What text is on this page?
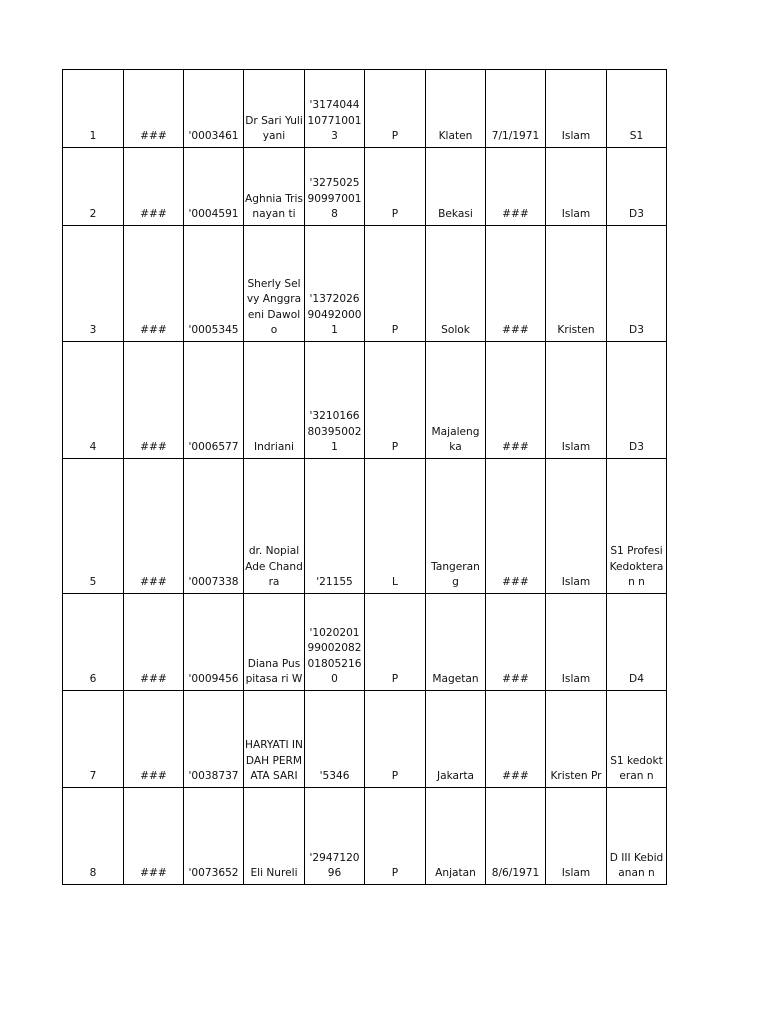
1	###	'0003461	Dr Sari Yuliyani	'3174044 10771001 3	P	Klaten	7/1/1971	Islam	S1

2	###	'0004591	Aghnia Trisnayan ti	'3275025 90997001 8	P	Bekasi	###	Islam	D3

3	###	'0005345	Sherly Selvy Anggraeni Dawolo	'1372026 90492000 1	P	Solok	###	Kristen	D3

4	###	'0006577	Indriani	'3210166 80395002 1	P	Majaleng ka	###	Islam	D3

5	###	'0007338	dr. Nopial Ade Chandra	'21155	L	Tangeran g	###	Islam	S1 Profesi Kedokteran n

6	###	'0009456	Diana Puspitasa ri W	'1020201 99002082 01805216 0	P	Magetan	###	Islam	D4

7	###	'0038737	HARYATI INDAH PERMATA SARI	'5346	P	Jakarta	###	Kristen Pr	S1 kedokteran n

8	###	'0073652	Eli Nureli	'2947120 96	P	Anjatan	8/6/1971	Islam	D III Kebidanan n
